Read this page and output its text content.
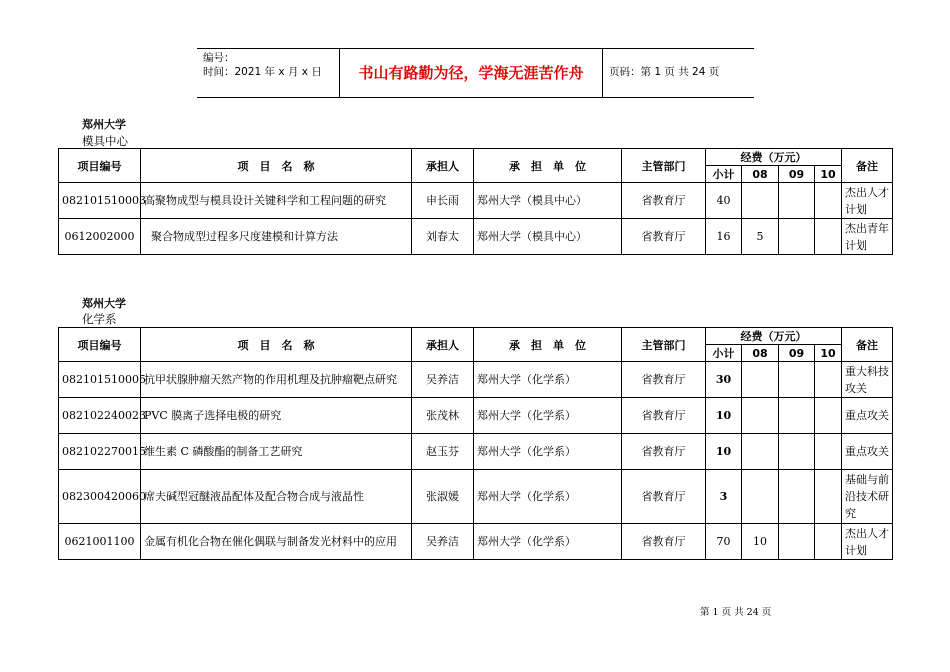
编号：
时间：2021 年 x 月 x 日	书山有路勤为径，学海无涯苦作舟	页码：第 1 页 共 24 页
郑州大学
模具中心
项目编号	项　目　名　称	承担人	承　担　单　位	主管部门	经费（万元）				备注
					小计	08	09	10	
082101510003	高聚物成型与模具设计关键科学和工程问题的研究	申长雨	郑州大学（模具中心）	省教育厅	40				杰出人才计划
0612002000	聚合物成型过程多尺度建模和计算方法	刘春太	郑州大学（模具中心）	省教育厅	16	5			杰出青年计划
郑州大学
化学系
项目编号	项　目　名　称	承担人	承　担　单　位	主管部门	经费（万元）				备注
					小计	08	09	10	
082101510005	抗甲状腺肿瘤天然产物的作用机理及抗肿瘤靶点研究	吴养洁	郑州大学（化学系）	省教育厅	30				重大科技攻关
082102240023	PVC 膜离子选择电极的研究	张茂林	郑州大学（化学系）	省教育厅	10				重点攻关
082102270015	维生素 C 磷酸酯的制备工艺研究	赵玉芬	郑州大学（化学系）	省教育厅	10				重点攻关
082300420060	席夫碱型冠醚液晶配体及配合物合成与液晶性	张淑媛	郑州大学（化学系）	省教育厅	3				基础与前沿技术研究
0621001100	金属有机化合物在催化偶联与制备发光材料中的应用	吴养洁	郑州大学（化学系）	省教育厅	70	10			杰出人才计划
第 1 页 共 24 页
